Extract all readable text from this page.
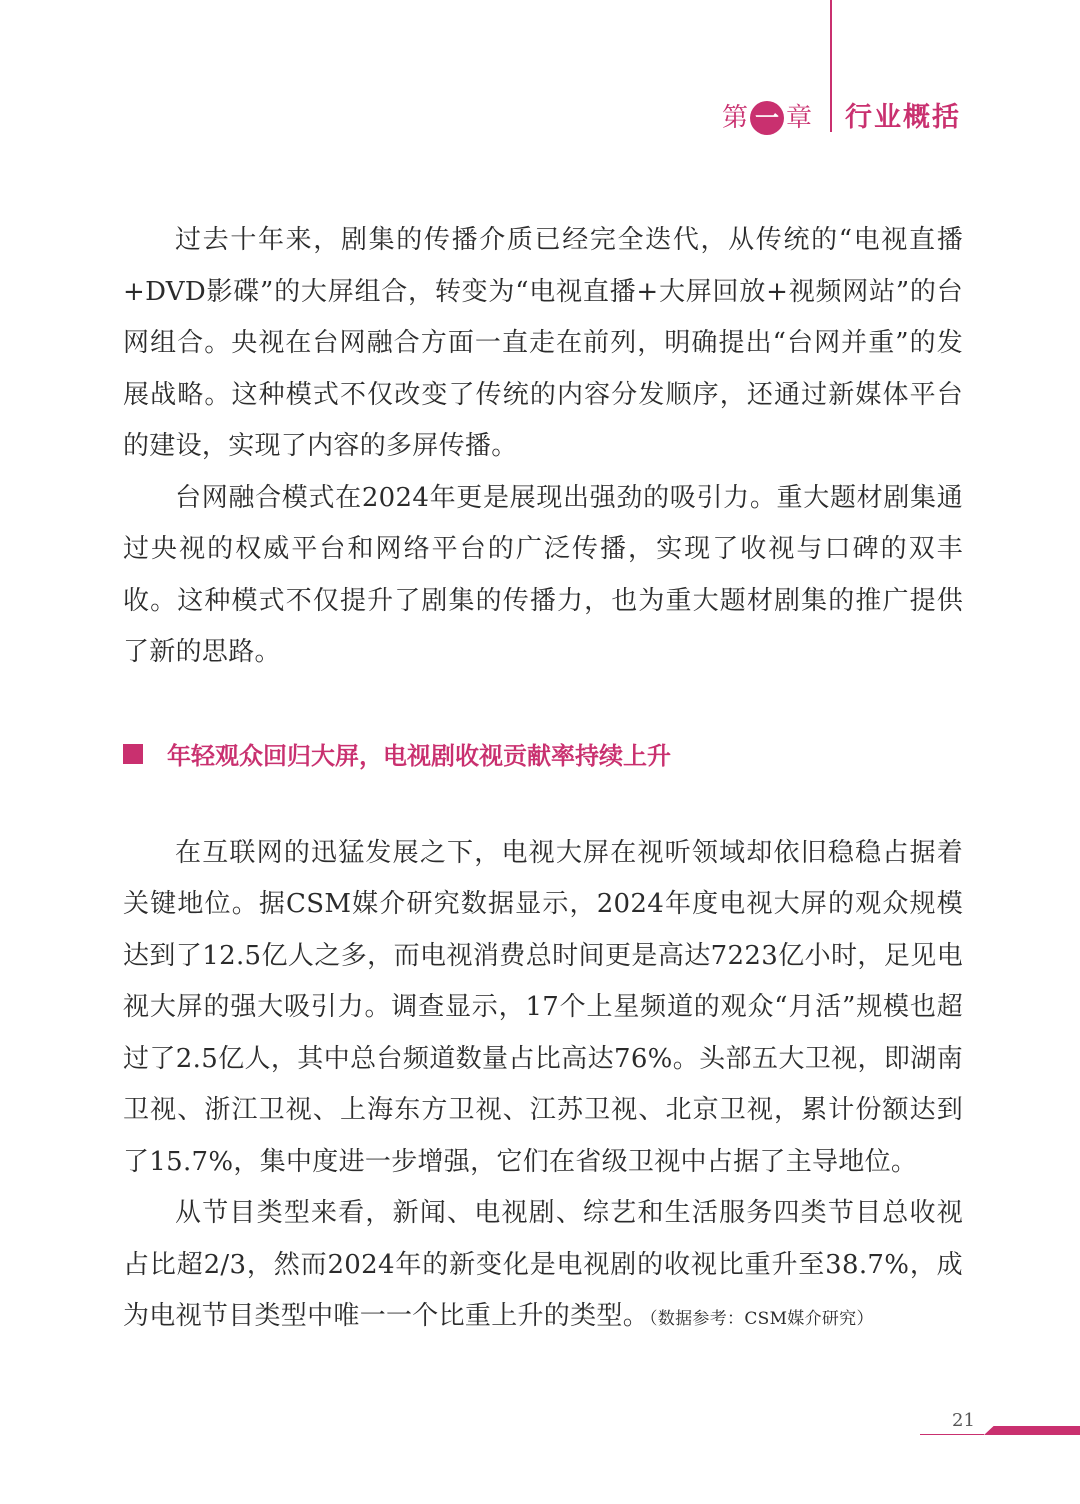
第 一 章 行业概括

过去十年来，剧集的传播介质已经完全迭代，从传统的“电视直播+DVD影碟”的大屏组合，转变为“电视直播+大屏回放+视频网站”的台网组合。央视在台网融合方面一直走在前列，明确提出“台网并重”的发展战略。这种模式不仅改变了传统的内容分发顺序，还通过新媒体平台的建设，实现了内容的多屏传播。

台网融合模式在2024年更是展现出强劲的吸引力。重大题材剧集通过央视的权威平台和网络平台的广泛传播，实现了收视与口碑的双丰收。这种模式不仅提升了剧集的传播力，也为重大题材剧集的推广提供了新的思路。

年轻观众回归大屏，电视剧收视贡献率持续上升

在互联网的迅猛发展之下，电视大屏在视听领域却依旧稳稳占据着关键地位。据CSM媒介研究数据显示，2024年度电视大屏的观众规模达到了12.5亿人之多，而电视消费总时间更是高达7223亿小时，足见电视大屏的强大吸引力。调查显示，17个上星频道的观众“月活”规模也超过了2.5亿人，其中总台频道数量占比高达76%。头部五大卫视，即湖南卫视、浙江卫视、上海东方卫视、江苏卫视、北京卫视，累计份额达到了15.7%，集中度进一步增强，它们在省级卫视中占据了主导地位。

从节目类型来看，新闻、电视剧、综艺和生活服务四类节目总收视占比超2/3，然而2024年的新变化是电视剧的收视比重升至38.7%，成为电视节目类型中唯一一个比重上升的类型。（数据参考：CSM媒介研究）

21
